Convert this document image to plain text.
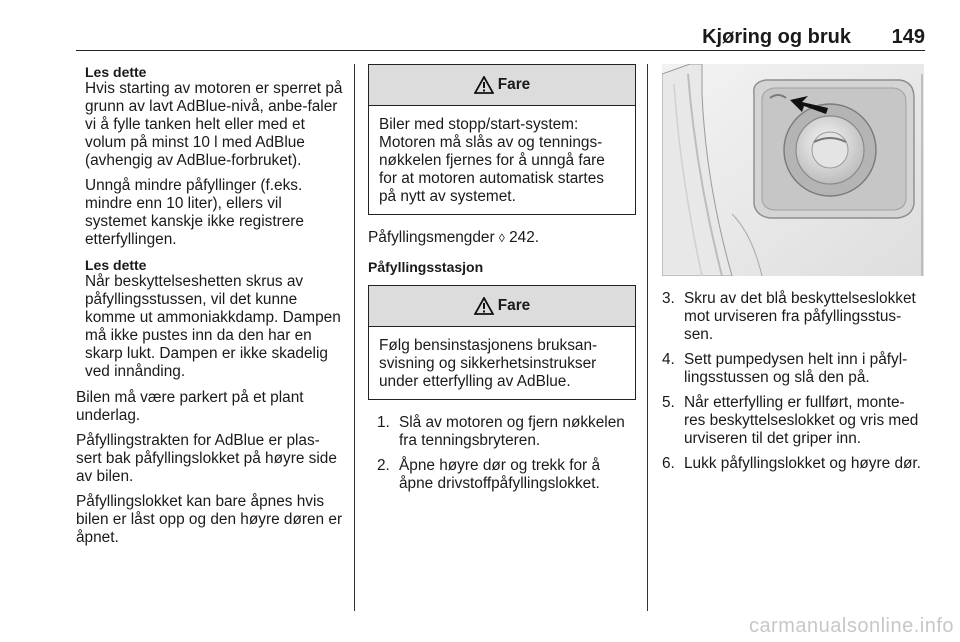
Kjøring og bruk 149
Les dette
Hvis starting av motoren er sperret på grunn av lavt AdBlue-nivå, anbe-faler vi å fylle tanken helt eller med et volum på minst 10 l med AdBlue (avhengig av AdBlue-forbruket).
Unngå mindre påfyllinger (f.eks. mindre enn 10 liter), ellers vil systemet kanskje ikke registrere etterfyllingen.
Les dette
Når beskyttelseshetten skrus av påfyllingsstussen, vil det kunne komme ut ammoniakkdamp. Dampen må ikke pustes inn da den har en skarp lukt. Dampen er ikke skadelig ved innånding.

Bilen må være parkert på et plant underlag.

Påfyllingstrakten for AdBlue er plas-sert bak påfyllingslokket på høyre side av bilen.

Påfyllingslokket kan bare åpnes hvis bilen er låst opp og den høyre døren er åpnet.

Fare
Biler med stopp/start-system: Motoren må slås av og tennings-nøkkelen fjernes for å unngå fare for at motoren automatisk startes på nytt av systemet.

Påfyllingsmengder ◊ 242.

Påfyllingsstasjon
Fare
Følg bensinstasjonens bruksan-svisning og sikkerhetsinstrukser under etterfylling av AdBlue.
1. Slå av motoren og fjern nøkkelen fra tenningsbryteren.
2. Åpne høyre dør og trekk for å åpne drivstoffpåfyllingslokket.
3. Skru av det blå beskyttelseslokket mot urviseren fra påfyllingsstus-sen.
4. Sett pumpedysen helt inn i påfyl-lingsstussen og slå den på.
5. Når etterfylling er fullført, monte-res beskyttelseslokket og vris med urviseren til det griper inn.
6. Lukk påfyllingslokket og høyre dør.
carmanualsonline.info
